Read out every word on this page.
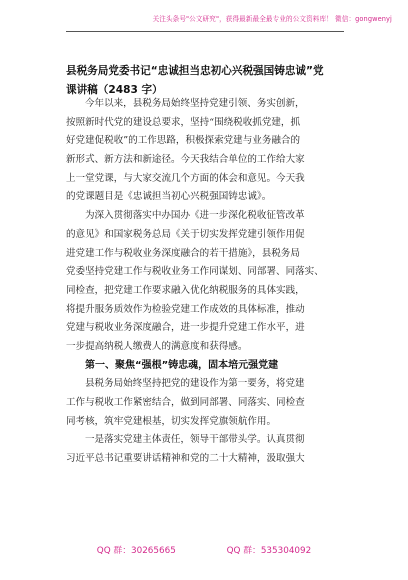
关注头条号"公文研究"，获得最新最全最专业的公文资料库！ 微信：gongwenyj
县税务局党委书记“忠诚担当忠初心兴税强国铸忠诚”党
课讲稿（2483 字）
今年以来，县税务局始终坚持党建引领、务实创新，
按照新时代党的建设总要求，坚持“围绕税收抓党建，抓
好党建促税收”的工作思路，积极探索党建与业务融合的
新形式、新方法和新途径。今天我结合单位的工作给大家
上一堂党课，与大家交流几个方面的体会和意见。今天我
的党课题目是《忠诚担当初心兴税强国铸忠诚》。
为深入贯彻落实中办国办《进一步深化税收征管改革
的意见》和国家税务总局《关于切实发挥党建引领作用促
进党建工作与税收业务深度融合的若干措施》，县税务局
党委坚持党建工作与税收业务工作同谋划、同部署、同落实、
同检查，把党建工作要求融入优化纳税服务的具体实践，
将提升服务质效作为检验党建工作成效的具体标准，推动
党建与税收业务深度融合，进一步提升党建工作水平，进
一步提高纳税人缴费人的满意度和获得感。
第一、聚焦“强根”铸忠魂，固本培元强党建
县税务局始终坚持把党的建设作为第一要务，将党建
工作与税收工作紧密结合，做到同部署、同落实、同检查
同考核，筑牢党建根基，切实发挥党旗领航作用。
一是落实党建主体责任，领导干部带头学。认真贯彻
习近平总书记重要讲话精神和党的二十大精神，汲取强大
QQ 群：30265665	QQ 群：535304092
